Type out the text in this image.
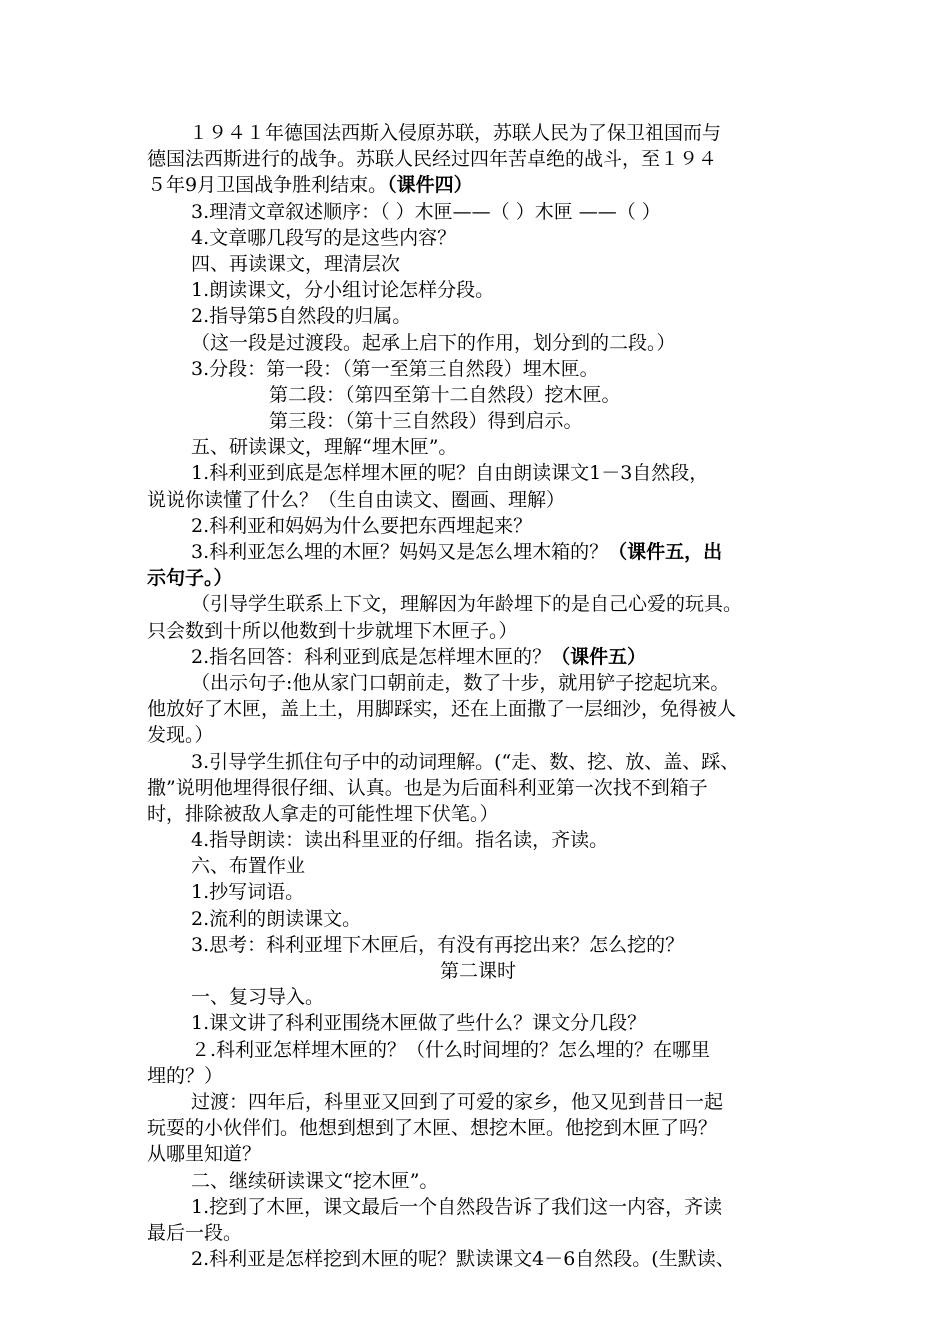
１９４１年德国法西斯入侵原苏联，苏联人民为了保卫祖国而与
德国法西斯进行的战争。苏联人民经过四年苦卓绝的战斗，至１９４
５年9月卫国战争胜利结束。（课件四）
3.理清文章叙述顺序：（ ）木匣——（ ）木匣 ——（ ）
4.文章哪几段写的是这些内容？
四、再读课文，理清层次
1.朗读课文，分小组讨论怎样分段。
2.指导第5自然段的归属。
（这一段是过渡段。起承上启下的作用，划分到的二段。）
3.分段：第一段：（第一至第三自然段）埋木匣。
第二段：（第四至第十二自然段）挖木匣。
第三段：（第十三自然段）得到启示。
五、研读课文，理解“埋木匣”。
1.科利亚到底是怎样埋木匣的呢？自由朗读课文1－3自然段，
说说你读懂了什么？（生自由读文、圈画、理解）
2.科利亚和妈妈为什么要把东西埋起来？
3.科利亚怎么埋的木匣？妈妈又是怎么埋木箱的？（课件五，出
示句子。）
（引导学生联系上下文，理解因为年龄埋下的是自己心爱的玩具。
只会数到十所以他数到十步就埋下木匣子。）
2.指名回答：科利亚到底是怎样埋木匣的？（课件五）
（出示句子:他从家门口朝前走，数了十步，就用铲子挖起坑来。
他放好了木匣，盖上土，用脚踩实，还在上面撒了一层细沙，免得被人
发现。）
3.引导学生抓住句子中的动词理解。(“走、数、挖、放、盖、踩、
撒”说明他埋得很仔细、认真。也是为后面科利亚第一次找不到箱子
时，排除被敌人拿走的可能性埋下伏笔。）
4.指导朗读：读出科里亚的仔细。指名读，齐读。
六、布置作业
1.抄写词语。
2.流利的朗读课文。
3.思考：科利亚埋下木匣后，有没有再挖出来？怎么挖的？
第二课时
一、复习导入。
1.课文讲了科利亚围绕木匣做了些什么？课文分几段？
２.科利亚怎样埋木匣的？（什么时间埋的？怎么埋的？在哪里
埋的？）
过渡：四年后，科里亚又回到了可爱的家乡，他又见到昔日一起
玩耍的小伙伴们。他想到想到了木匣、想挖木匣。他挖到木匣了吗？
从哪里知道？
二、继续研读课文“挖木匣”。
1.挖到了木匣，课文最后一个自然段告诉了我们这一内容，齐读
最后一段。
2.科利亚是怎样挖到木匣的呢？默读课文4－6自然段。(生默读、
